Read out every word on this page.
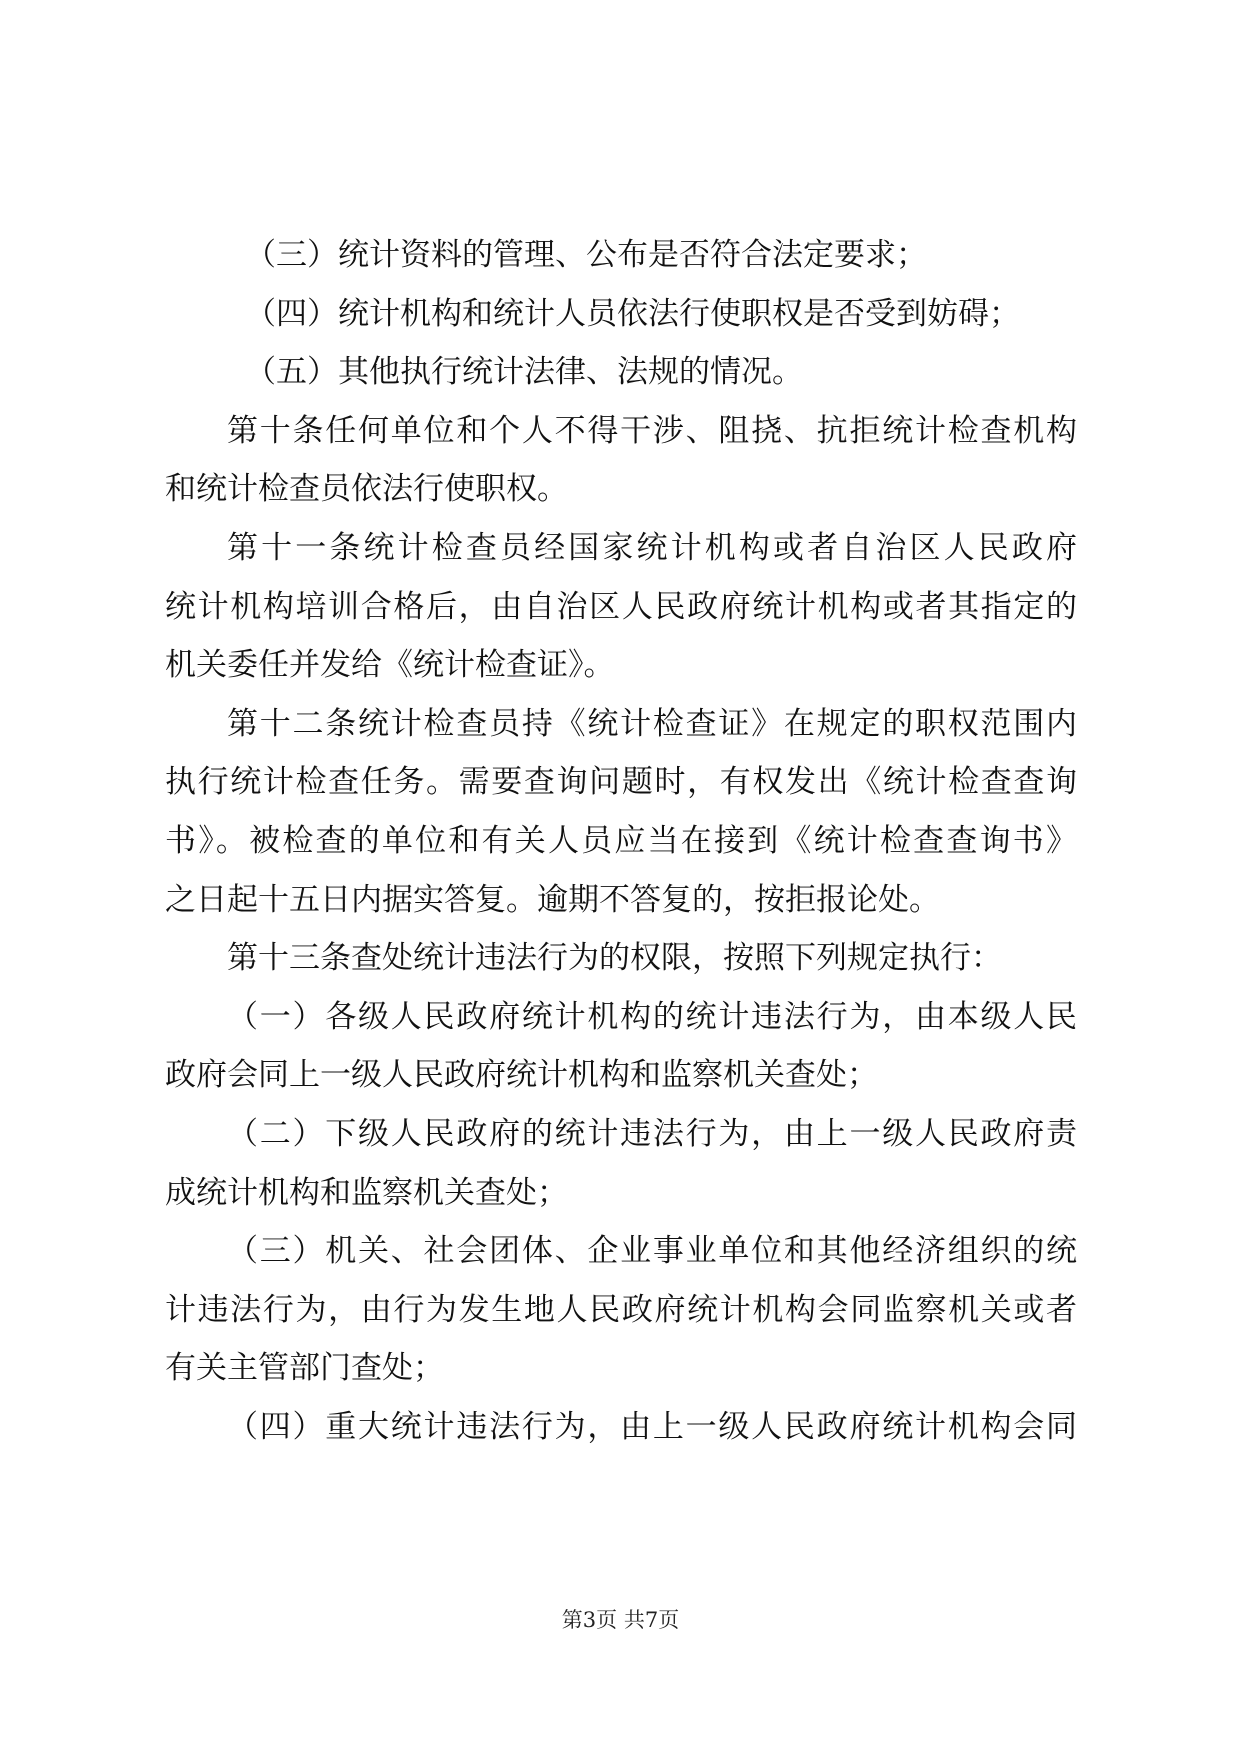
（三）统计资料的管理、公布是否符合法定要求；
（四）统计机构和统计人员依法行使职权是否受到妨碍；
（五）其他执行统计法律、法规的情况。
第十条任何单位和个人不得干涉、阻挠、抗拒统计检查机构
和统计检查员依法行使职权。
第十一条统计检查员经国家统计机构或者自治区人民政府
统计机构培训合格后，由自治区人民政府统计机构或者其指定的
机关委任并发给《统计检查证》。
第十二条统计检查员持《统计检查证》在规定的职权范围内
执行统计检查任务。需要查询问题时，有权发出《统计检查查询
书》。被检查的单位和有关人员应当在接到《统计检查查询书》
之日起十五日内据实答复。逾期不答复的，按拒报论处。
第十三条查处统计违法行为的权限，按照下列规定执行：
（一）各级人民政府统计机构的统计违法行为，由本级人民
政府会同上一级人民政府统计机构和监察机关查处；
（二）下级人民政府的统计违法行为，由上一级人民政府责
成统计机构和监察机关查处；
（三）机关、社会团体、企业事业单位和其他经济组织的统
计违法行为，由行为发生地人民政府统计机构会同监察机关或者
有关主管部门查处；
（四）重大统计违法行为，由上一级人民政府统计机构会同
第3页 共7页
